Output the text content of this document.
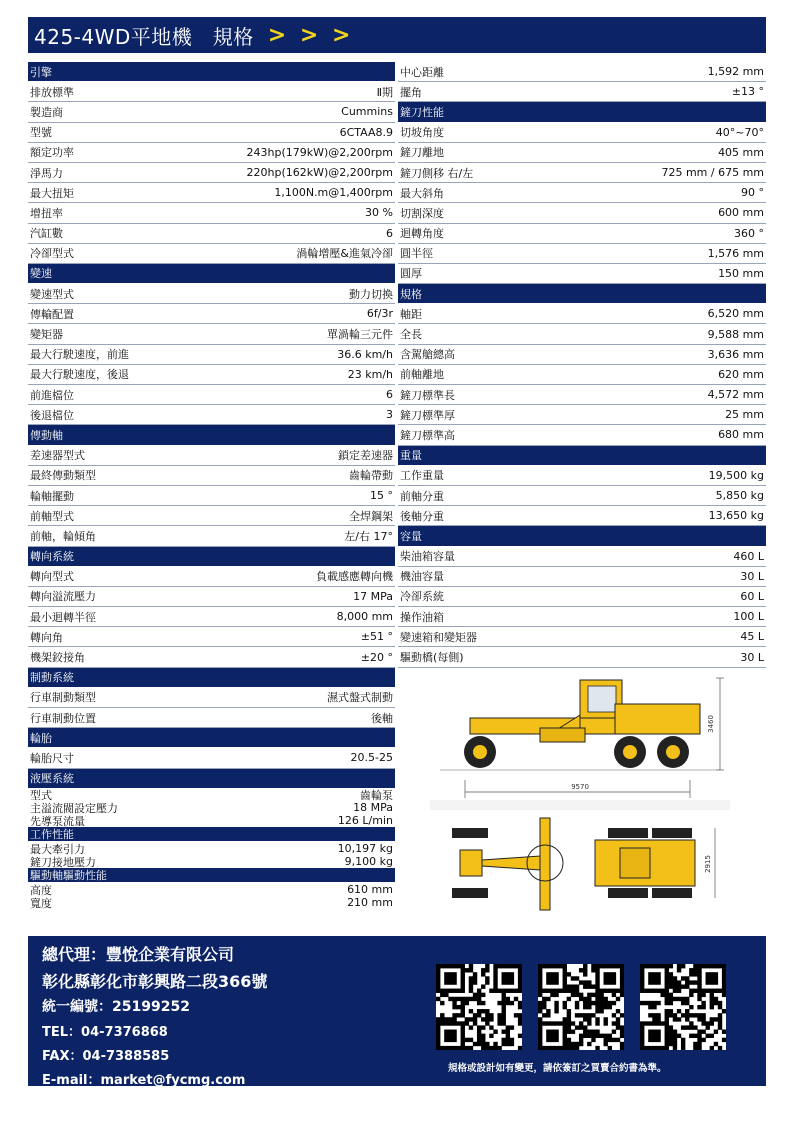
425-4WD平地機　規格 > > >
引擎
排放標準	Ⅱ期
製造商	Cummins
型號	6CTAA8.9
額定功率	243hp(179kW)@2,200rpm
淨馬力	220hp(162kW)@2,200rpm
最大扭矩	1,100N.m@1,400rpm
增扭率	30 %
汽缸數	6
冷卻型式	渦輪增壓&進氣冷卻
變速
變速型式	動力切換
傳輸配置	6f/3r
變矩器	單渦輪三元件
最大行駛速度，前進	36.6 km/h
最大行駛速度，後退	23 km/h
前進檔位	6
後退檔位	3
傳動軸
差速器型式	鎖定差速器
最終傳動類型	齒輪帶動
輪軸擺動	15 °
前軸型式	全焊鋼架
前軸，輪傾角	左/右 17°
轉向系統
轉向型式	負載感應轉向機
轉向溢流壓力	17 MPa
最小迴轉半徑	8,000 mm
轉向角	±51 °
機架鉸接角	±20 °
制動系統
行車制動類型	濕式盤式制動
行車制動位置	後軸
輪胎
輪胎尺寸	20.5-25
液壓系統
型式	齒輪泵
主溢流閥設定壓力	18 MPa
先導泵流量	126 L/min
工作性能
最大牽引力	10,197 kg
鏟刀接地壓力	9,100 kg
驅動軸驅動性能
高度	610 mm
寬度	210 mm
中心距離	1,592 mm
擺角	±13 °
鏟刀性能
切坡角度	40°~70°
鏟刀離地	405 mm
鏟刀側移 右/左	725 mm / 675 mm
最大斜角	90 °
切割深度	600 mm
迴轉角度	360 °
圓半徑	1,576 mm
圓厚	150 mm
規格
軸距	6,520 mm
全長	9,588 mm
含駕艙總高	3,636 mm
前軸離地	620 mm
鏟刀標準長	4,572 mm
鏟刀標準厚	25 mm
鏟刀標準高	680 mm
重量
工作重量	19,500 kg
前軸分重	5,850 kg
後軸分重	13,650 kg
容量
柴油箱容量	460 L
機油容量	30 L
冷卻系統	60 L
操作油箱	100 L
變速箱和變矩器	45 L
驅動橋(每側)	30 L
3460
9570
2915
總代理：豐悅企業有限公司
彰化縣彰化市彰興路二段366號
統一編號：25199252
TEL：04-7376868
FAX：04-7388585
E-mail：market@fycmg.com
www.fycmg.com
規格或設計如有變更，請依簽訂之買賣合約書為準。
